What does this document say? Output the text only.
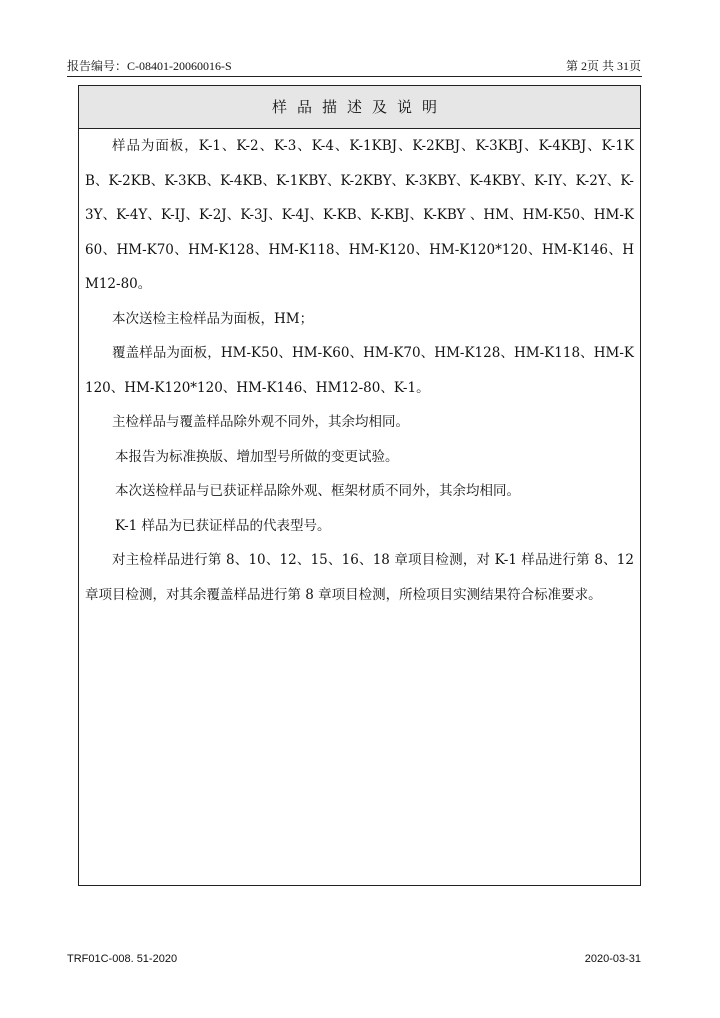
报告编号：C-08401-20060016-S	第 2页 共 31页
样品描述及说明

样品为面板，K-1、K-2、K-3、K-4、K-1KBJ、K-2KBJ、K-3KBJ、K-4KBJ、K-1KB、K-2KB、K-3KB、K-4KB、K-1KBY、K-2KBY、K-3KBY、K-4KBY、K-IY、K-2Y、K-3Y、K-4Y、K-IJ、K-2J、K-3J、K-4J、K-KB、K-KBJ、K-KBY 、HM、HM-K50、HM-K60、HM-K70、HM-K128、HM-K118、HM-K120、HM-K120*120、HM-K146、HM12-80。

本次送检主检样品为面板，HM；

覆盖样品为面板，HM-K50、HM-K60、HM-K70、HM-K128、HM-K118、HM-K120、HM-K120*120、HM-K146、HM12-80、K-1。

主检样品与覆盖样品除外观不同外，其余均相同。

本报告为标准换版、增加型号所做的变更试验。

本次送检样品与已获证样品除外观、框架材质不同外，其余均相同。

K-1 样品为已获证样品的代表型号。

对主检样品进行第 8、10、12、15、16、18 章项目检测，对 K-1 样品进行第 8、12 章项目检测，对其余覆盖样品进行第 8 章项目检测，所检项目实测结果符合标准要求。

TRF01C-008. 51-2020	2020-03-31
